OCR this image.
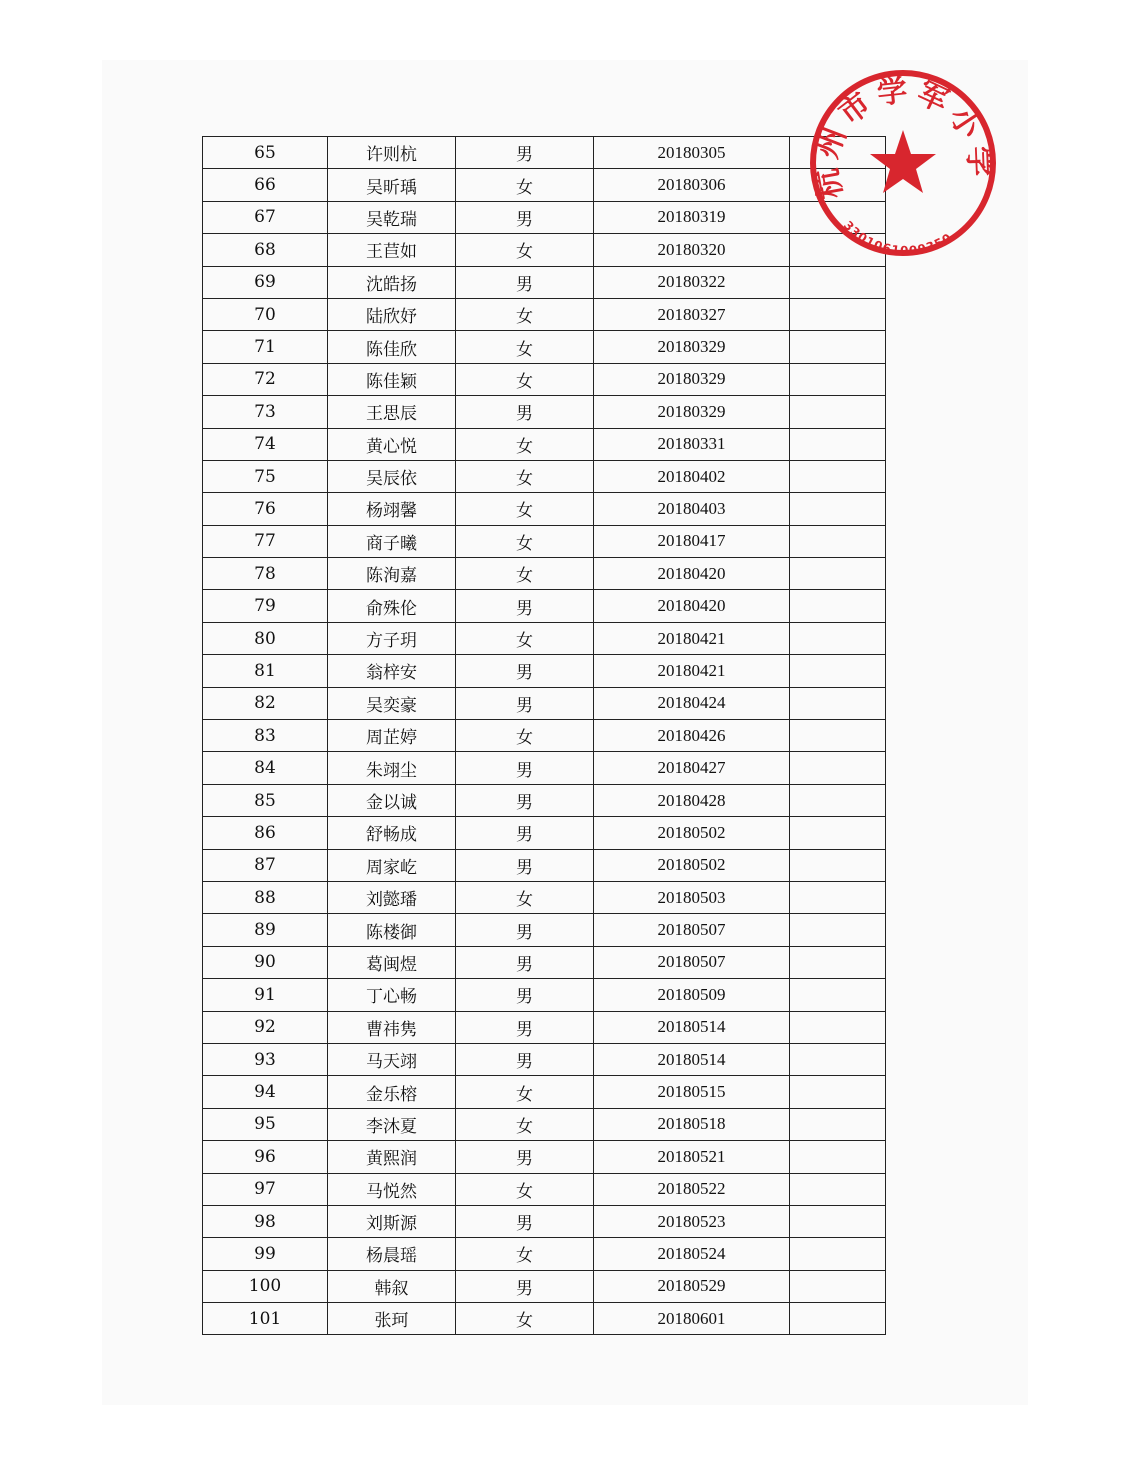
65	许则杭	男	20180305	
66	吴昕瑀	女	20180306	
67	吴乾瑞	男	20180319	
68	王苣如	女	20180320	
69	沈皓扬	男	20180322	
70	陆欣妤	女	20180327	
71	陈佳欣	女	20180329	
72	陈佳颖	女	20180329	
73	王思辰	男	20180329	
74	黄心悦	女	20180331	
75	吴辰依	女	20180402	
76	杨翊馨	女	20180403	
77	商子曦	女	20180417	
78	陈洵嘉	女	20180420	
79	俞殊伦	男	20180420	
80	方子玥	女	20180421	
81	翁梓安	男	20180421	
82	吴奕豪	男	20180424	
83	周芷婷	女	20180426	
84	朱翊尘	男	20180427	
85	金以诚	男	20180428	
86	舒畅成	男	20180502	
87	周家屹	男	20180502	
88	刘懿璠	女	20180503	
89	陈楼御	男	20180507	
90	葛闽煜	男	20180507	
91	丁心畅	男	20180509	
92	曹祎隽	男	20180514	
93	马天翊	男	20180514	
94	金乐榕	女	20180515	
95	李沐夏	女	20180518	
96	黄熙润	男	20180521	
97	马悦然	女	20180522	
98	刘斯源	男	20180523	
99	杨晨瑶	女	20180524	
100	韩叙	男	20180529	
101	张珂	女	20180601	
杭州市学军小学
3301061009350
